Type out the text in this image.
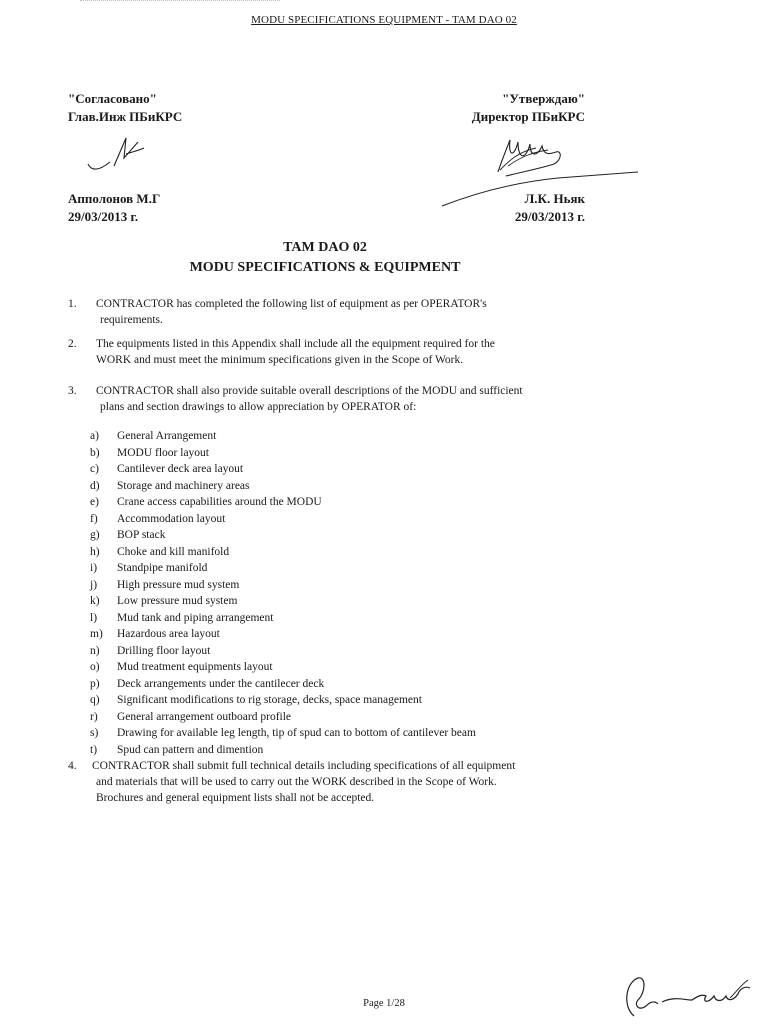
MODU SPECIFICATIONS EQUIPMENT - TAM DAO 02
"Согласовано"
Глав.Инж ПБиКРС
Апполонов М.Г
29/03/2013 г.
"Утверждаю"
Директор ПБиКРС
Л.К. Ньяк
29/03/2013 г.
TAM DAO 02
MODU SPECIFICATIONS & EQUIPMENT
1.	CONTRACTOR has completed the following list of equipment as per OPERATOR's
requirements.
2.	The equipments listed in this Appendix shall include all the equipment required for the
WORK and must meet the minimum specifications given in the Scope of Work.
3.	CONTRACTOR shall also provide suitable overall descriptions of the MODU and sufficient
plans and section drawings to allow appreciation by OPERATOR of:
a) General Arrangement
b) MODU floor layout
c) Cantilever deck area layout
d) Storage and machinery areas
e) Crane access capabilities around the MODU
f) Accommodation layout
g) BOP stack
h) Choke and kill manifold
i) Standpipe manifold
j) High pressure mud system
k) Low pressure mud system
l) Mud tank and piping arrangement
m) Hazardous area layout
n) Drilling floor layout
o) Mud treatment equipments layout
p) Deck arrangements under the cantilecer deck
q) Significant modifications to rig storage, decks, space management
r) General arrangement outboard profile
s) Drawing for available leg length, tip of spud can to bottom of cantilever beam
t) Spud can pattern and dimention
4.	CONTRACTOR shall submit full technical details including specifications of all equipment
and materials that will be used to carry out the WORK described in the Scope of Work.
Brochures and general equipment lists shall not be accepted.
Page 1/28
